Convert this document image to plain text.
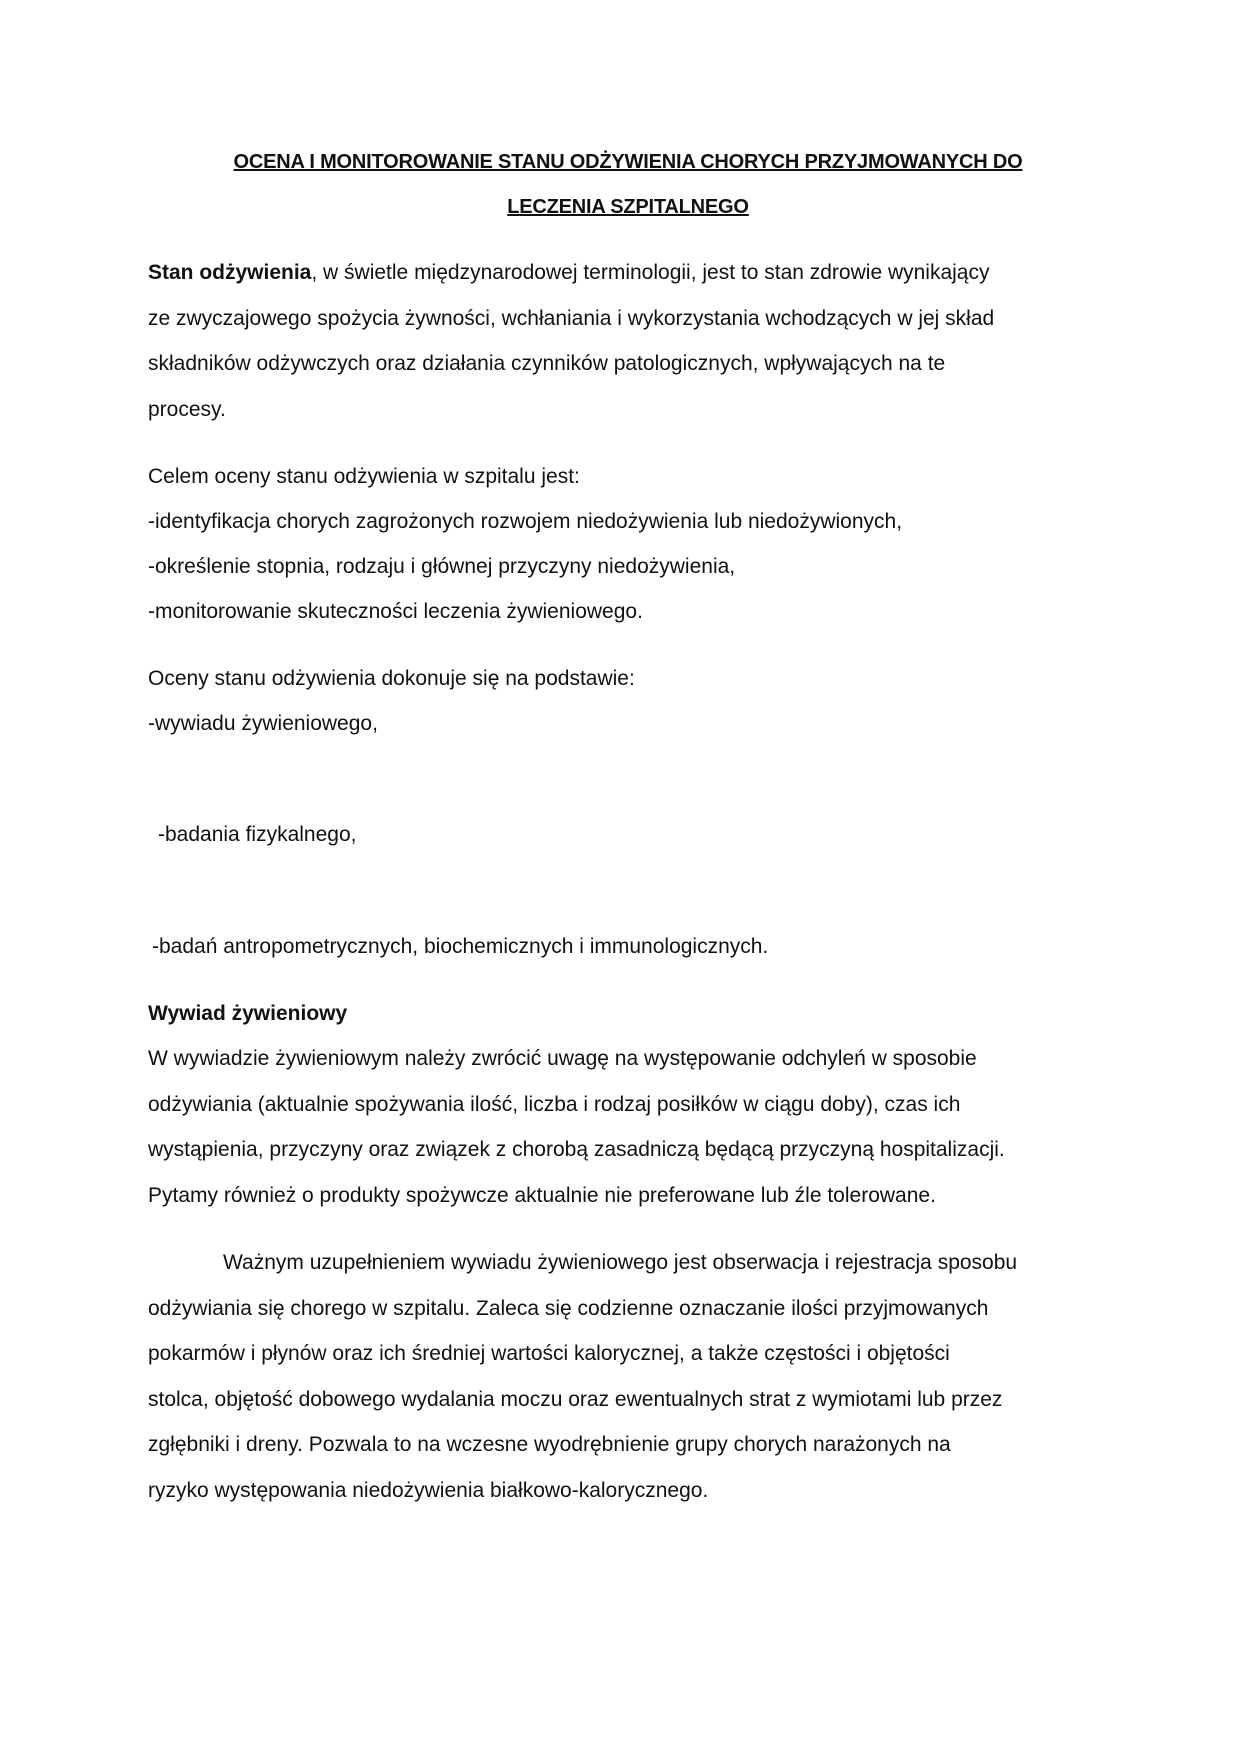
OCENA I MONITOROWANIE STANU ODŻYWIENIA CHORYCH PRZYJMOWANYCH DO
LECZENIA SZPITALNEGO

Stan odżywienia, w świetle międzynarodowej terminologii, jest to stan zdrowie wynikający
ze zwyczajowego spożycia żywności, wchłaniania i wykorzystania wchodzących w jej skład
składników odżywczych oraz działania czynników patologicznych, wpływających na te
procesy.

Celem oceny stanu odżywienia w szpitalu jest:
-identyfikacja chorych zagrożonych rozwojem niedożywienia lub niedożywionych,
-określenie stopnia, rodzaju i głównej przyczyny niedożywienia,
-monitorowanie skuteczności leczenia żywieniowego.

Oceny stanu odżywienia dokonuje się na podstawie:
-wywiadu żywieniowego,

-badania fizykalnego,

-badań antropometrycznych, biochemicznych i immunologicznych.

Wywiad żywieniowy

W wywiadzie żywieniowym należy zwrócić uwagę na występowanie odchyleń w sposobie
odżywiania (aktualnie spożywania ilość, liczba i rodzaj posiłków w ciągu doby), czas ich
wystąpienia, przyczyny oraz związek z chorobą zasadniczą będącą przyczyną hospitalizacji.
Pytamy również o produkty spożywcze aktualnie nie preferowane lub źle tolerowane.

Ważnym uzupełnieniem wywiadu żywieniowego jest obserwacja i rejestracja sposobu
odżywiania się chorego w szpitalu. Zaleca się codzienne oznaczanie ilości przyjmowanych
pokarmów i płynów oraz ich średniej wartości kalorycznej, a także częstości i objętości
stolca, objętość dobowego wydalania moczu oraz ewentualnych strat z wymiotami lub przez
zgłębniki i dreny. Pozwala to na wczesne wyodrębnienie grupy chorych narażonych na
ryzyko występowania niedożywienia białkowo-kalorycznego.
